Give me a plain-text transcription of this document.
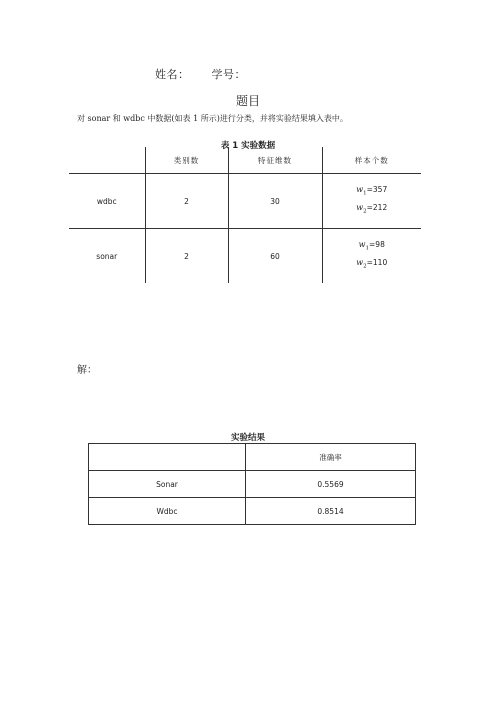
姓名： 学号：
题目
对 sonar 和 wdbc 中数据(如表 1 所示)进行分类，并将实验结果填入表中。
表 1 实验数据
	类别数	特征维数	样本个数
wdbc	2	30	$w_1=357$
$w_2=212$

sonar	2	60	$w_1=98$
$w_2=110$
解：
实验结果
	准确率
Sonar	0.5569
Wdbc	0.8514
